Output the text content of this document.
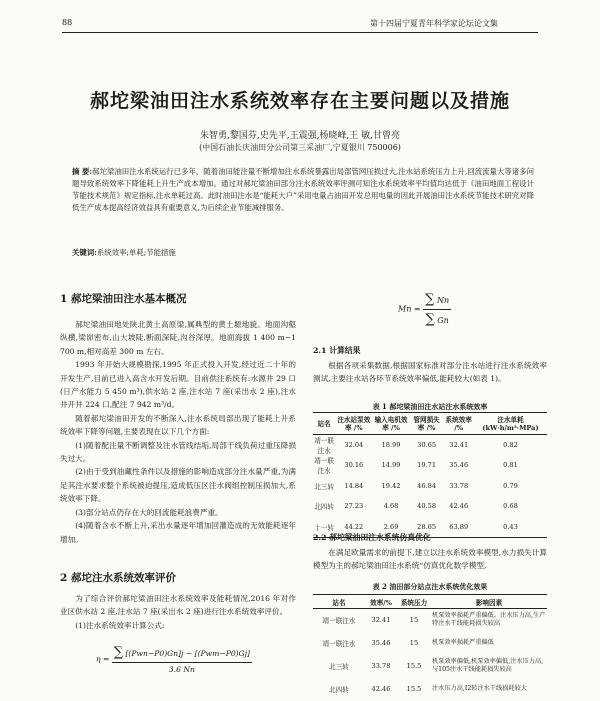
88	第十四届宁夏青年科学家论坛论文集
郝坨梁油田注水系统效率存在主要问题以及措施
朱智勇,黎国芬,史先平,王震强,杨晓峰,王 敏,甘曾亮
(中国石油长庆油田分公司第三采油厂,宁夏银川 750006)
摘 要:郝坨梁油田注水系统运行已多年，随着油田能注量不断增加注水系统暴露出局部管网压损过大,注水站系统压力上升,回流流量大等诸多问题导致系统效率下降能耗上升生产成本增加。通过对郝坨梁油田部分注水系统效率评测可知注水系统效率平均值均达低于《油田地面工程设计节能技术规范》规定指标,注水单耗过高。此时油田注水是“能耗大户”采用电量占油田开发总用电量的因此开展油田注水系统节能技术研究对降低生产成本提高经济效益具有重要意义,为后续企业节能减排服务。
关键词:系统效率;单耗;节能措施
1 郝坨梁油田注水基本概况

郝坨梁油田地处陕北黄土高原梁,属典型的黄土塬地貌。地面沟壑纵横,梁峁密布,山大坡陡,断面深陡,沟谷深厚。地面海拔 1 400 m~1 700 m,相对高差 300 m 左右。

1993 年开始大规模勘探,1995 年正式投入开发,经过近二十年的开发生产,目前已进入高含水开发后期。目前供注系统有:水源井 29 口(日产水能力 5 450 m³),供水站 2 座,注水站 7 座(采出水 2 座),注水井开井 224 口,配注 7 942 m³/d。

随着郝坨梁油田开发的不断深入,注水系统局部出现了能耗上升系统效率下降等问题,主要表现在以下几个方面:

(1)随着配注量不断调整及注水管线结垢,局部干线负荷过重压降损失过大。

(2)由于受到油藏性条件以及措施的影响造成部分注水量严重,为满足其注水要求整个系统被迫提压,造成低压区注水阀组控制压损加大,系统效率下降。

(3)部分站点仍存在大的回流能耗浪费严重。

(4)随着含水不断上升,采出水量逐年增加回灌造成的无效能耗逐年增加。

2 郝坨注水系统效率评价

为了综合评价郝坨梁油田注水系统效率及能耗情况,2016 年对作业区供水站 2 座,注水站 7 座(采出水 2 座)进行注水系统效率评价。

(1)注水系统效率计算公式:

$\eta = \frac{\text{∑ [(Pwn−P0)Gn]j − [(Pwm−P0)Gj]}}{3.6 Nn}$
$Mn = \frac{\sum Nn}{\sum Gn}$
2.1 计算结果

根据各项采集数据,根据国家标准对部分注水站进行注水系统效率测试,主要注水站各环节系统效率偏低,能耗较大(如表 1)。

表 1 郝坨梁油田注水站注水系统效率
站名	注水站泵效率 /%	输入电机效率 /%	管网损失率 /%	系统效率 /%	注水单耗 (kW·h/m³·MPa)
靖一联注水	32.04	18.99	30.65	32.41	0.82
靖一联注水	30.16	14.99	19.71	35.46	0.81
北三转	14.84	19.42	46.84	33.78	0.79
北四转	27.23	4.68	40.58	42.46	0.68
十一转	44.22	2.69	28.65	63.89	0.43
2.2 郝坨梁油田注水系统仿真优化

在满足欧量需求的前提下,建立以注水系统效率模型,水力损失计算模型为主的郝坨梁油田注水系统“仿真优化数学模型,

表 2 油田部分站点注水系统优化效果
站名	效率/%	系统压力	影响因素
靖一联注水	32.41	15	机泵效率损耗严重偏低。注水压力高,生产特注水干线能耗损失较高
靖一联注水	35.46	15	机泵效率损耗严重偏低
北三转	33.78	15.5	机泵效率偏低,机泵效率偏低,注水压力高,与105注水干线能耗损失较高
北四转	42.46	15.5	注水压力高,Ⅰ2转注水干线损耗较大
